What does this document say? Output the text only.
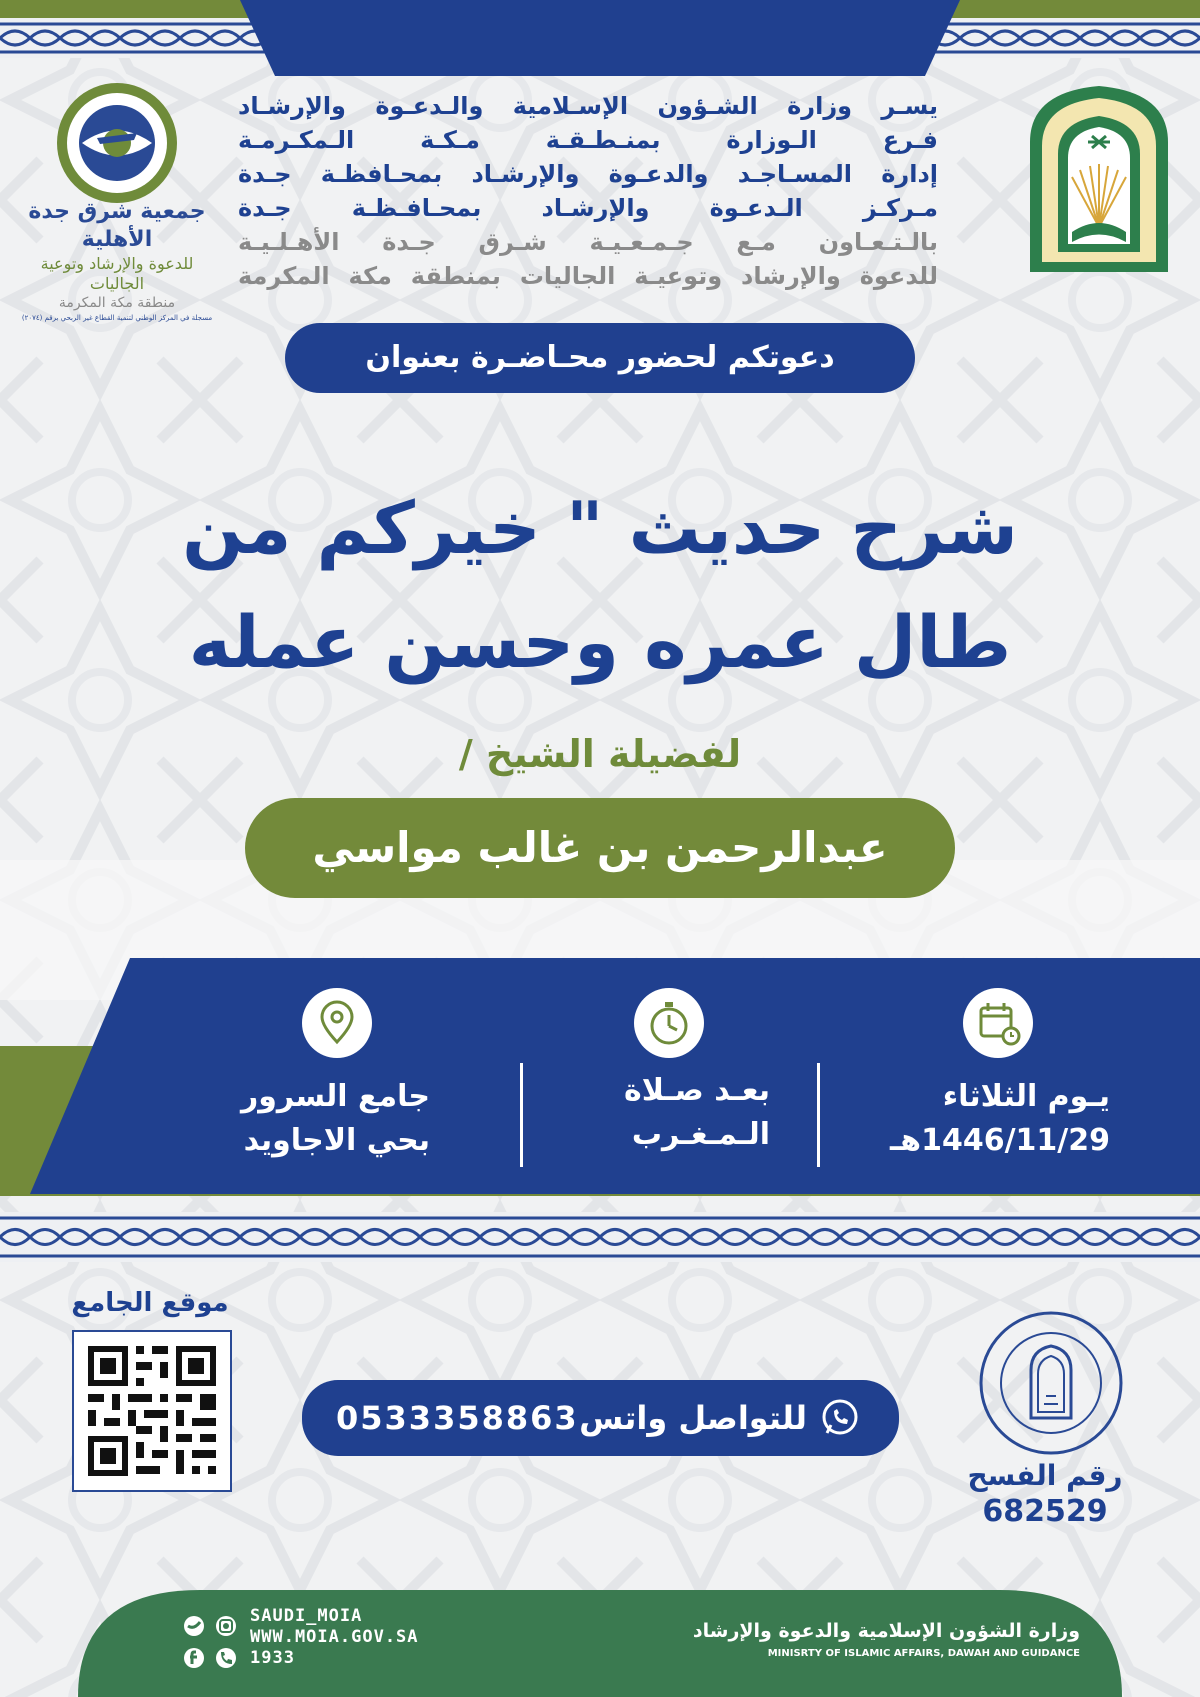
جمعية شرق جدة الأهلية
للدعوة والإرشاد وتوعية الجاليات
منطقة مكة المكرمة
مسجلة في المركز الوطني لتنمية القطاع غير الربحي برقم (٢٠٧٤)
يسـر وزارة الشـؤون الإسـلامية والـدعـوة والإرشـاد
فـرع الـوزارة بمنـطـقـة مـكـة الـمكـرمـة
إدارة المسـاجـد والدعـوة والإرشـاد بمحـافظـة جـدة
مـركـز الـدعـوة والإرشـاد بمحـافـظـة جـدة
بالـتـعـاون مـع جـمـعـيـة شـرق جـدة الأهـلـيـة
للدعوة والإرشاد وتوعيـة الجاليات بمنطقة مكة المكرمة
دعوتكم لحضور محـاضـرة بعنوان
شرح حديث " خيركم من
طال عمره وحسن عمله
لفضيلة الشيخ /
عبدالرحمن بن غالب مواسي
يـوم الثلاثاء
1446/11/29هـ
بعـد صـلاة
الـمـغـرب
جامع السرور
بحي الاجاويد
موقع الجامع
للتواصل واتس
0533358863
رقم الفسح
682529
SAUDI_MOIA
WWW.MOIA.GOV.SA
1933
وزارة الشؤون الإسلامية والدعوة والإرشاد
MINISRTY OF ISLAMIC AFFAIRS, DAWAH AND GUIDANCE
